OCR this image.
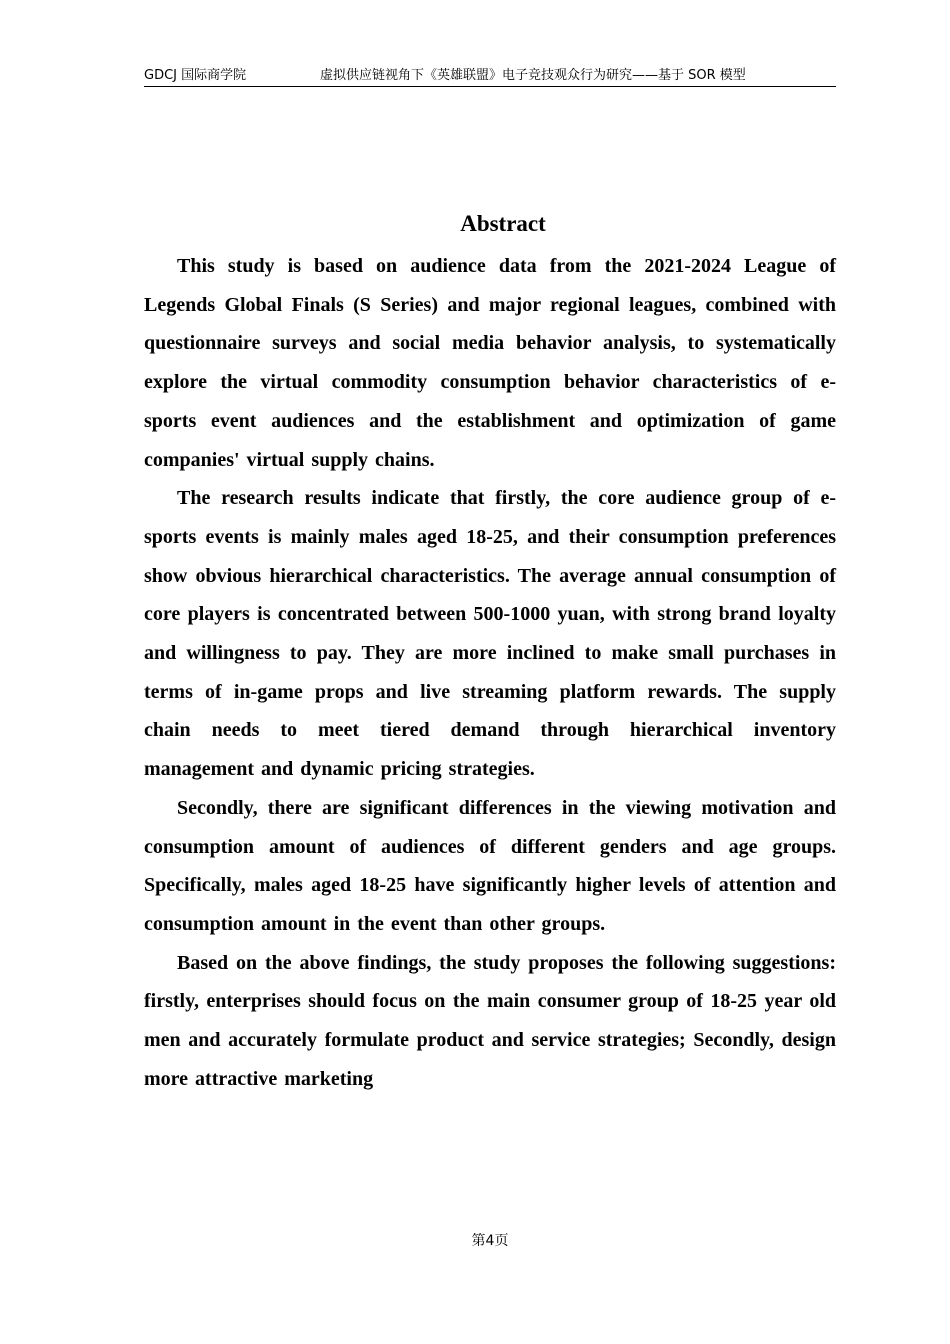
GDCJ 国际商学院	虚拟供应链视角下《英雄联盟》电子竞技观众行为研究——基于 SOR 模型
Abstract

This study is based on audience data from the 2021-2024 League of Legends Global Finals (S Series) and major regional leagues, combined with questionnaire surveys and social media behavior analysis, to systematically explore the virtual commodity consumption behavior characteristics of e-sports event audiences and the establishment and optimization of game companies' virtual supply chains.

The research results indicate that firstly, the core audience group of e-sports events is mainly males aged 18-25, and their consumption preferences show obvious hierarchical characteristics. The average annual consumption of core players is concentrated between 500-1000 yuan, with strong brand loyalty and willingness to pay. They are more inclined to make small purchases in terms of in-game props and live streaming platform rewards. The supply chain needs to meet tiered demand through hierarchical inventory management and dynamic pricing strategies.

Secondly, there are significant differences in the viewing motivation and consumption amount of audiences of different genders and age groups. Specifically, males aged 18-25 have significantly higher levels of attention and consumption amount in the event than other groups.

Based on the above findings, the study proposes the following suggestions: firstly, enterprises should focus on the main consumer group of 18-25 year old men and accurately formulate product and service strategies; Secondly, design more attractive marketing

第4页
